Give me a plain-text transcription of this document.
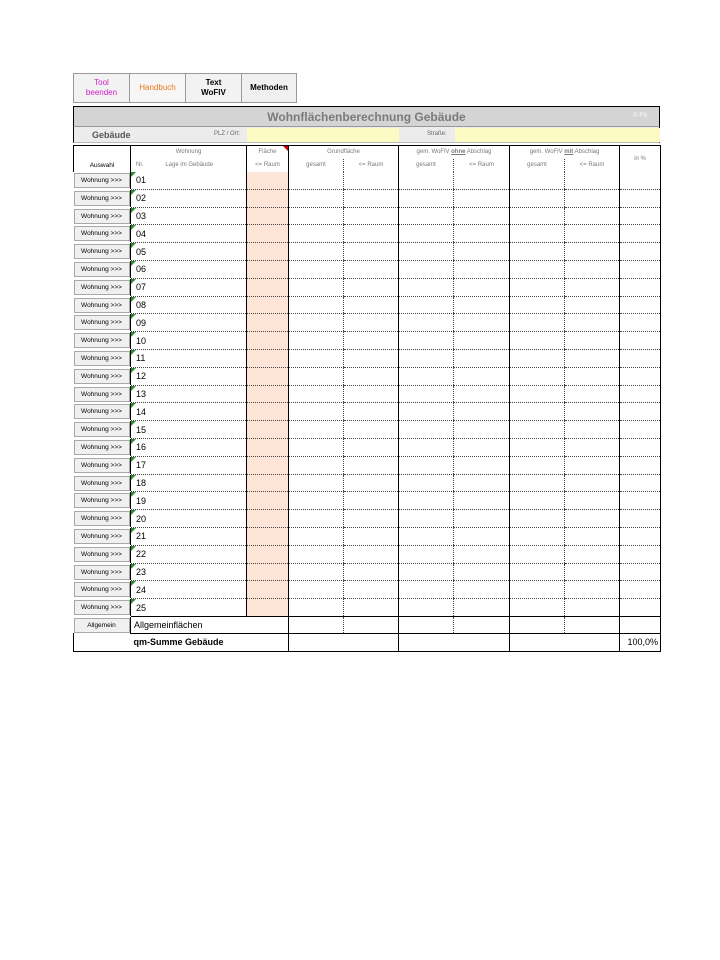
Tool beenden
Handbuch
Text WoFlV
Methoden
Wohnflächenberechnung Gebäude	© FS
Gebäude	PLZ / Ort:	Straße:
	Wohnung	Fläche	Grundfläche		gem. WoFlV ohne Abschlag		gem. WoFlV mit Abschlag		in %
Auswahl	Nr. Lage im Gebäude	<= Raum	gesamt	<= Raum	gesamt	<= Raum	gesamt	<= Raum	

Wohnung >>>	01								

Wohnung >>>	02								

Wohnung >>>	03								

Wohnung >>>	04								

Wohnung >>>	05								

Wohnung >>>	06								

Wohnung >>>	07								

Wohnung >>>	08								

Wohnung >>>	09								

Wohnung >>>	10								

Wohnung >>>	11								

Wohnung >>>	12								

Wohnung >>>	13								

Wohnung >>>	14								

Wohnung >>>	15								

Wohnung >>>	16								

Wohnung >>>	17								

Wohnung >>>	18								

Wohnung >>>	19								

Wohnung >>>	20								

Wohnung >>>	21								

Wohnung >>>	22								

Wohnung >>>	23								

Wohnung >>>	24								

Wohnung >>>	25								

Allgemein	Allgemeinflächen								
	qm-Summe Gebäude								100,0%
